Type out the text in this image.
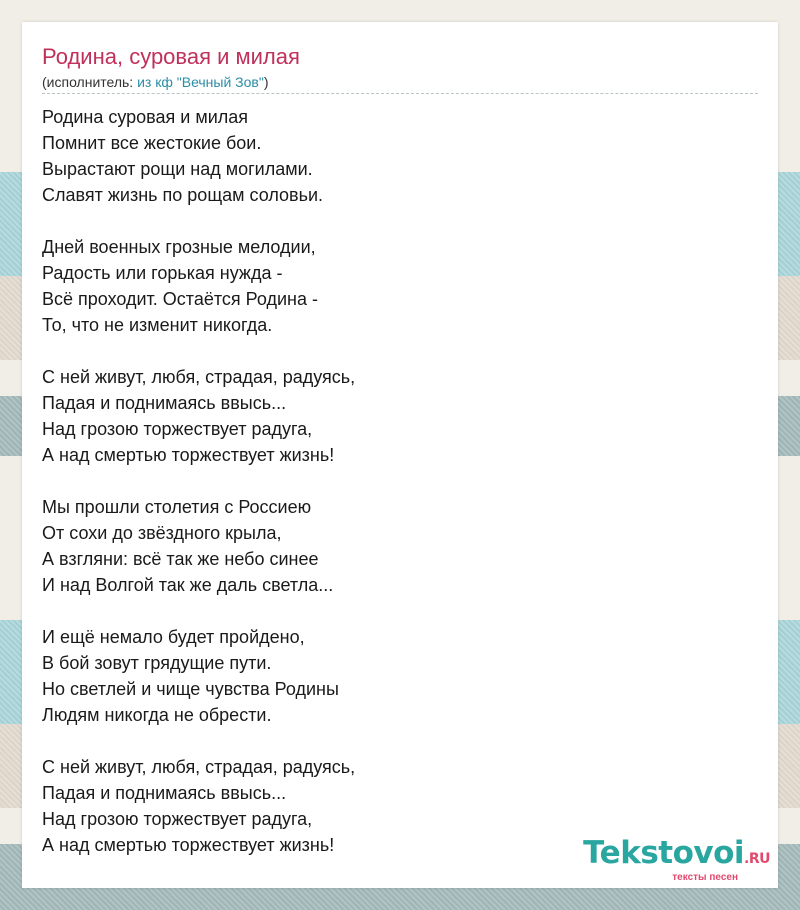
Родина, суровая и милая
(исполнитель: из кф "Вечный Зов")
Родина суровая и милая
Помнит все жестокие бои.
Вырастают рощи над могилами.
Славят жизнь по рощам соловьи.
Дней военных грозные мелодии,
Радость или горькая нужда -
Всё проходит. Остаётся Родина -
То, что не изменит никогда.
С ней живут, любя, страдая, радуясь,
Падая и поднимаясь ввысь...
Над грозою торжествует радуга,
А над смертью торжествует жизнь!
Мы прошли столетия с Россиею
От сохи до звёздного крыла,
А взгляни: всё так же небо синее
И над Волгой так же даль светла...
И ещё немало будет пройдено,
В бой зовут грядущие пути.
Но светлей и чище чувства Родины
Людям никогда не обрести.
С ней живут, любя, страдая, радуясь,
Падая и поднимаясь ввысь...
Над грозою торжествует радуга,
А над смертью торжествует жизнь!	Tekstovoi.RU
тексты песен
